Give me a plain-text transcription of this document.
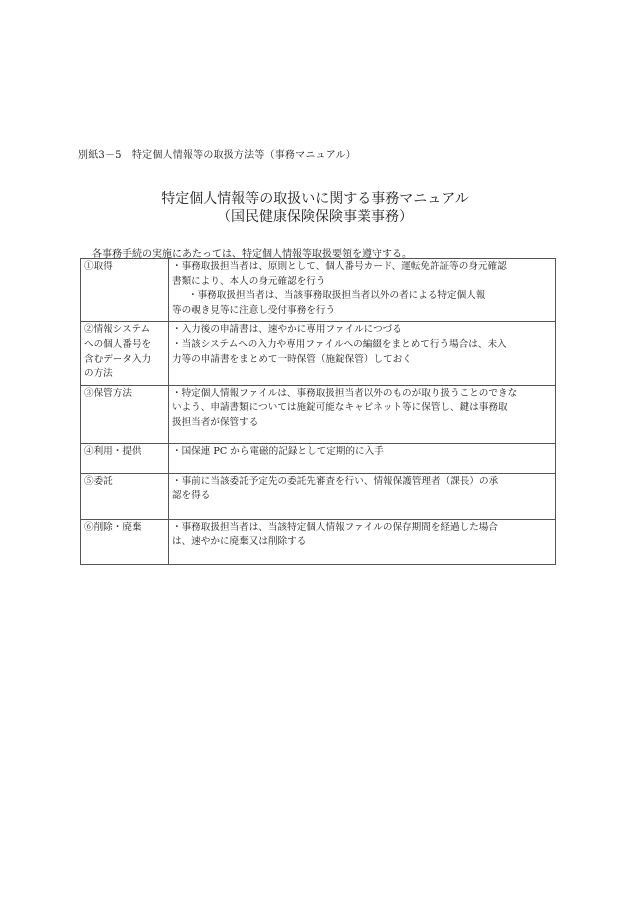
別紙3－5　特定個人情報等の取扱方法等（事務マニュアル）
特定個人情報等の取扱いに関する事務マニュアル
（国民健康保険保険事業事務）
各事務手続の実施にあたっては、特定個人情報等取扱要領を遵守する。
①取得	・事務取扱担当者は、原則として、個人番号カード、運転免許証等の身元確認
書類により、本人の身元確認を行う
・事務取扱担当者は、当該事務取扱担当者以外の者による特定個人報
等の覗き見等に注意し受付事務を行う

②情報システム
への個人番号を
含むデータ入力
の方法	・入力後の申請書は、速やかに専用ファイルにつづる
・当該システムへの入力や専用ファイルへの編綴をまとめて行う場合は、未入
力等の申請書をまとめて一時保管（施錠保管）しておく

③保管方法	・特定個人情報ファイルは、事務取扱担当者以外のものが取り扱うことのできな
いよう、申請書類については施錠可能なキャビネット等に保管し、鍵は事務取
扱担当者が保管する

④利用・提供	・国保連 PC から電磁的記録として定期的に入手

⑤委託	・事前に当該委託予定先の委託先審査を行い、情報保護管理者（課長）の承
認を得る

⑥削除・廃棄	・事務取扱担当者は、当該特定個人情報ファイルの保存期間を経過した場合
は、速やかに廃棄又は削除する
